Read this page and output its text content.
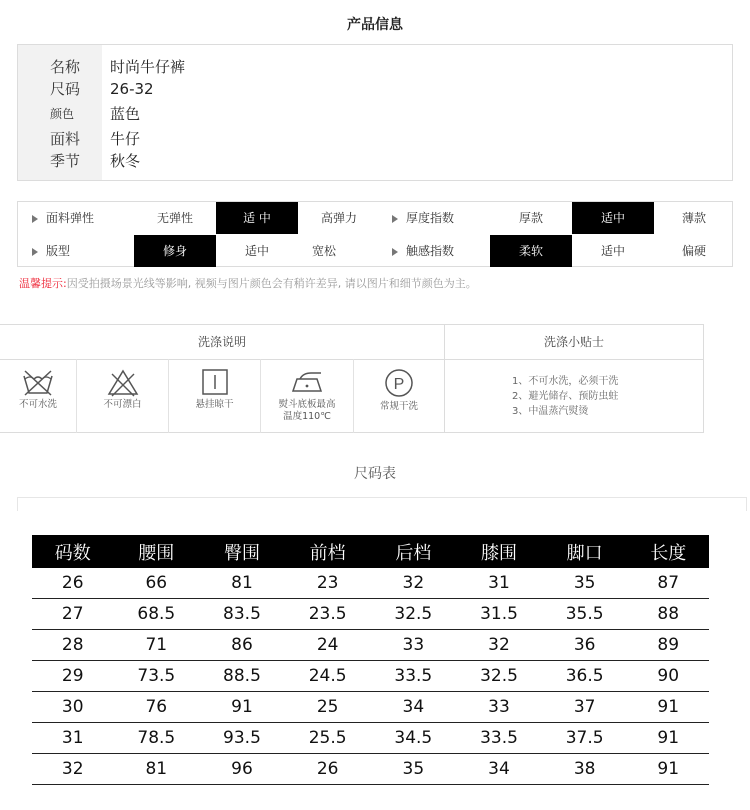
产品信息
名称	时尚牛仔裤
尺码	26-32
颜色	蓝色
面料	牛仔
季节	秋冬
面料弹性	无弹性	适 中	高弹力	厚度指数	厚款	适中	薄款
版型	修身	适中	宽松	触感指数	柔软	适中	偏硬
温馨提示:因受拍摄场景光线等影响, 视频与图片颜色会有稍许差异, 请以图片和细节颜色为主。
洗涤说明	洗涤小贴士
不可水洗	不可漂白	悬挂晾干	熨斗底板最高
温度110℃
P
常规干洗
1、不可水洗，必须干洗
2、避光储存、预防虫蛀
3、中温蒸汽熨烫
尺码表
码数	腰围	臀围	前档	后档	膝围	脚口	长度
26	66	81	23	32	31	35	87
27	68.5	83.5	23.5	32.5	31.5	35.5	88
28	71	86	24	33	32	36	89
29	73.5	88.5	24.5	33.5	32.5	36.5	90
30	76	91	25	34	33	37	91
31	78.5	93.5	25.5	34.5	33.5	37.5	91
32	81	96	26	35	34	38	91
